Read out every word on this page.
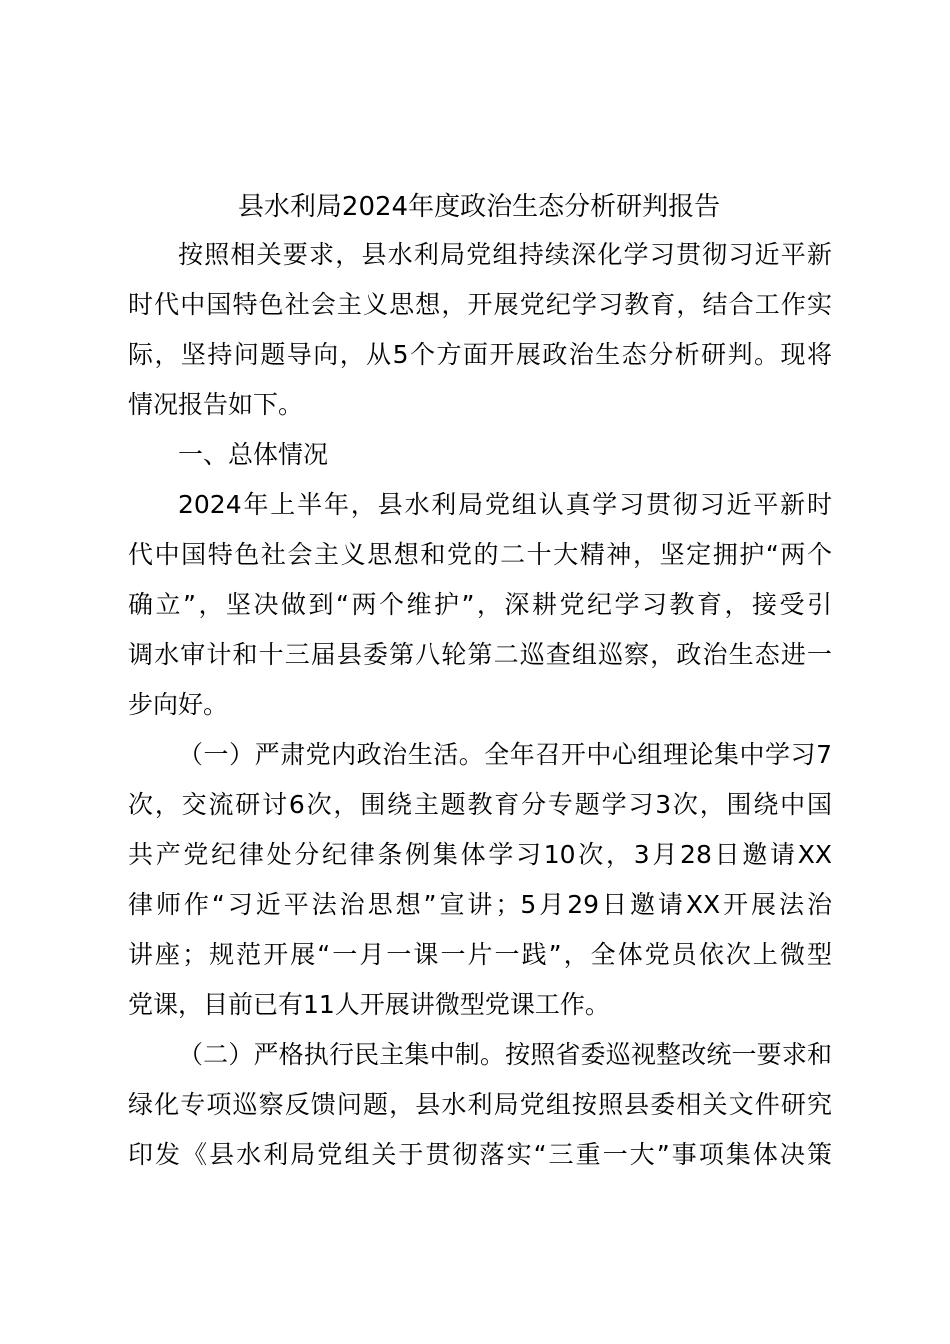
县水利局2024年度政治生态分析研判报告
按照相关要求，县水利局党组持续深化学习贯彻习近平新
时代中国特色社会主义思想，开展党纪学习教育，结合工作实
际，坚持问题导向，从5个方面开展政治生态分析研判。现将
情况报告如下。
一、总体情况
2024年上半年，县水利局党组认真学习贯彻习近平新时
代中国特色社会主义思想和党的二十大精神，坚定拥护“两个
确立”，坚决做到“两个维护”，深耕党纪学习教育，接受引
调水审计和十三届县委第八轮第二巡查组巡察，政治生态进一
步向好。
（一）严肃党内政治生活。全年召开中心组理论集中学习7
次，交流研讨6次，围绕主题教育分专题学习3次，围绕中国
共产党纪律处分纪律条例集体学习10次，3月28日邀请XX
律师作“习近平法治思想”宣讲；5月29日邀请XX开展法治
讲座；规范开展“一月一课一片一践”，全体党员依次上微型
党课，目前已有11人开展讲微型党课工作。
（二）严格执行民主集中制。按照省委巡视整改统一要求和
绿化专项巡察反馈问题，县水利局党组按照县委相关文件研究
印发《县水利局党组关于贯彻落实“三重一大”事项集体决策
